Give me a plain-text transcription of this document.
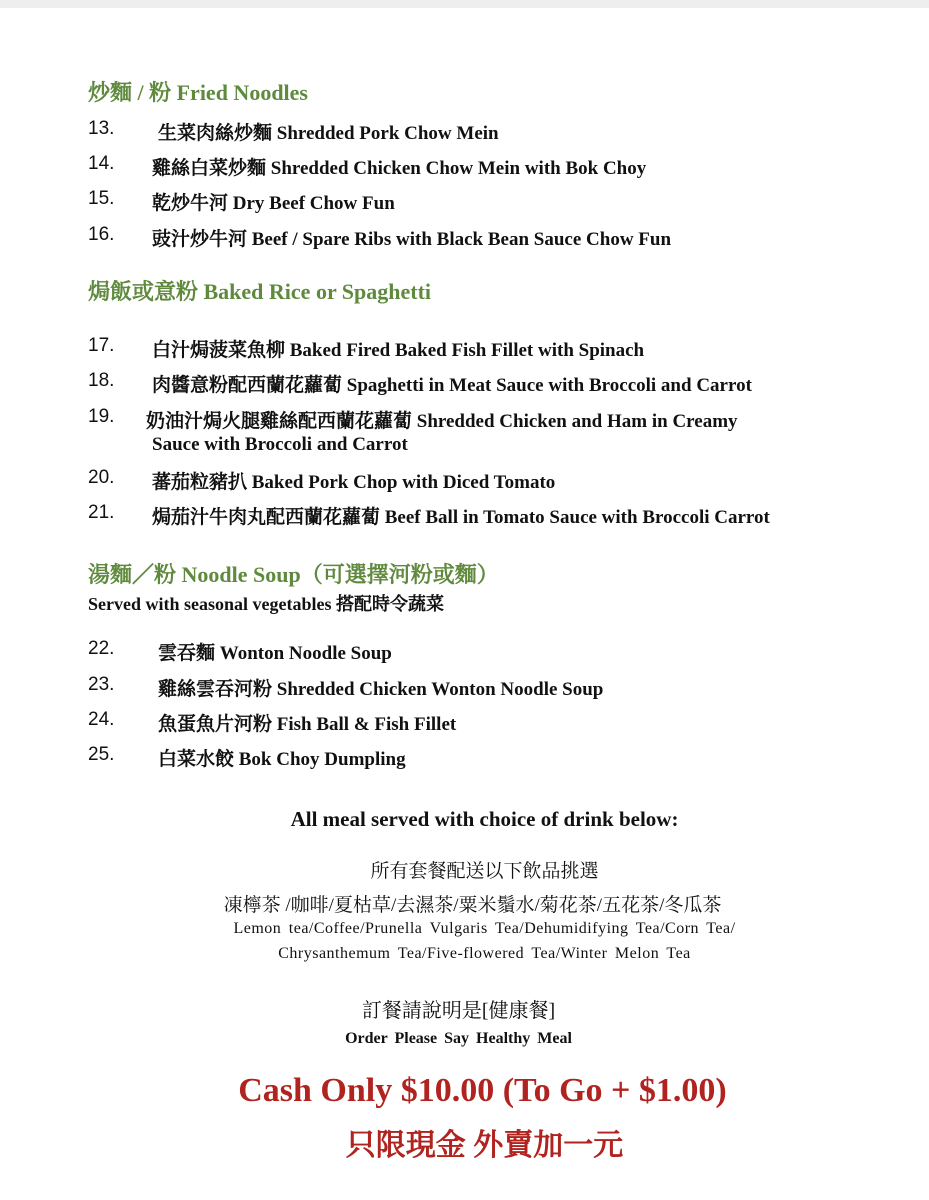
炒麵 / 粉 Fried Noodles
13. 生菜肉絲炒麵 Shredded Pork Chow Mein
14. 雞絲白菜炒麵 Shredded Chicken Chow Mein with Bok Choy
15. 乾炒牛河 Dry Beef Chow Fun
16. 豉汁炒牛河 Beef / Spare Ribs with Black Bean Sauce Chow Fun
焗飯或意粉 Baked Rice or Spaghetti
17. 白汁焗菠菜魚柳 Baked Fired Baked Fish Fillet with Spinach
18. 肉醬意粉配西蘭花蘿蔔 Spaghetti in Meat Sauce with Broccoli and Carrot
19. 奶油汁焗火腿雞絲配西蘭花蘿蔔 Shredded Chicken and Ham in Creamy
Sauce with Broccoli and Carrot
20. 蕃茄粒豬扒 Baked Pork Chop with Diced Tomato
21. 焗茄汁牛肉丸配西蘭花蘿蔔 Beef Ball in Tomato Sauce with Broccoli Carrot
湯麵／粉 Noodle Soup（可選擇河粉或麵）
Served with seasonal vegetables 搭配時令蔬菜
22. 雲吞麵 Wonton Noodle Soup
23. 雞絲雲吞河粉 Shredded Chicken Wonton Noodle Soup
24. 魚蛋魚片河粉 Fish Ball & Fish Fillet
25. 白菜水餃 Bok Choy Dumpling
All meal served with choice of drink below:
所有套餐配送以下飲品挑選
凍檸茶 /咖啡/夏枯草/去濕茶/粟米鬚水/菊花茶/五花茶/冬瓜茶
Lemon tea/Coffee/Prunella Vulgaris Tea/Dehumidifying Tea/Corn Tea/
Chrysanthemum Tea/Five-flowered Tea/Winter Melon Tea
訂餐請說明是[健康餐]
Order Please Say Healthy Meal
Cash Only $10.00 (To Go + $1.00)
只限現金 外賣加一元
